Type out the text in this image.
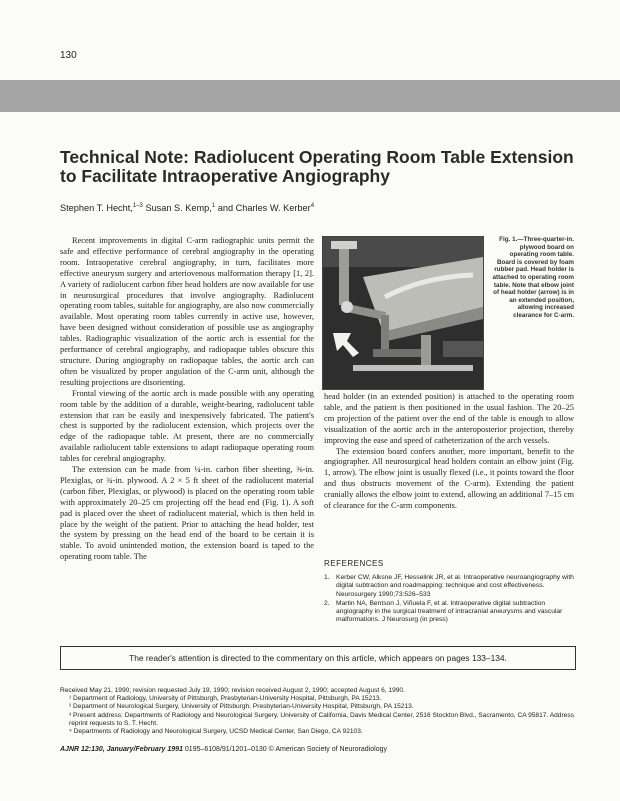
130
Technical Note: Radiolucent Operating Room Table Extension to Facilitate Intraoperative Angiography
Stephen T. Hecht,$^{1-3}$ Susan S. Kemp,$^1$ and Charles W. Kerber$^4$

Recent improvements in digital C-arm radiographic units permit the safe and effective performance of cerebral angiography in the operating room. Intraoperative cerebral angiography, in turn, facilitates more effective aneurysm surgery and arteriovenous malformation therapy [1, 2]. A variety of radiolucent carbon fiber head holders are now available for use in neurosurgical procedures that involve angiography. Radiolucent operating room tables, suitable for angiography, are also now commercially available. Most operating room tables currently in active use, however, have been designed without consideration of possible use as angiography tables. Radiographic visualization of the aortic arch is essential for the performance of cerebral angiography, and radiopaque tables obscure this structure. During angiography on radiopaque tables, the aortic arch can often be visualized by proper angulation of the C-arm unit, although the resulting projections are disorienting.

Frontal viewing of the aortic arch is made possible with any operating room table by the addition of a durable, weight-bearing, radiolucent table extension that can be easily and inexpensively fabricated. The patient's chest is supported by the radiolucent extension, which projects over the edge of the radiopaque table. At present, there are no commercially available radiolucent table extensions to adapt radiopaque operating room tables for cerebral angiography.

The extension can be made from ¼-in. carbon fiber sheeting, ⅜-in. Plexiglas, or ¾-in. plywood. A 2 × 5 ft sheet of the radiolucent material (carbon fiber, Plexiglas, or plywood) is placed on the operating room table with approximately 20–25 cm projecting off the head end (Fig. 1). A soft pad is placed over the sheet of radiolucent material, which is then held in place by the weight of the patient. Prior to attaching the head holder, test the system by pressing on the head end of the board to be certain it is stable. To avoid unintended motion, the extension board is taped to the operating room table. The

Fig. 1.—Three-quarter-in. plywood board on operating room table. Board is covered by foam rubber pad. Head holder is attached to operating room table. Note that elbow joint of head holder (arrow) is in an extended position, allowing increased clearance for C-arm.

head holder (in an extended position) is attached to the operating room table, and the patient is then positioned in the usual fashion. The 20–25 cm projection of the patient over the end of the table is enough to allow visualization of the aortic arch in the anteroposterior projection, thereby improving the ease and speed of catheterization of the arch vessels.

The extension board confers another, more important, benefit to the angiographer. All neurosurgical head holders contain an elbow joint (Fig. 1, arrow). The elbow joint is usually flexed (i.e., it points toward the floor and thus obstructs movement of the C-arm). Extending the patient cranially allows the elbow joint to extend, allowing an additional 7–15 cm of clearance for the C-arm components.

REFERENCES
1. Kerber CW, Alksne JF, Hesselink JR, et al. Intraoperative neuroangiography with digital subtraction and roadmapping: technique and cost effectiveness. Neurosurgery 1990;73:526–533
2. Martin NA, Bentson J, Viñuela F, et al. Intraoperative digital subtraction angiography in the surgical treatment of intracranial aneurysms and vascular malformations. J Neurosurg (in press)
The reader's attention is directed to the commentary on this article, which appears on pages 133–134.

Received May 21, 1990; revision requested July 19, 1990; revision received August 2, 1990; accepted August 6, 1990.

¹ Department of Radiology, University of Pittsburgh, Presbyterian-University Hospital, Pittsburgh, PA 15213.

² Department of Neurological Surgery, University of Pittsburgh, Presbyterian-University Hospital, Pittsburgh, PA 15213.

³ Present address: Departments of Radiology and Neurological Surgery, University of California, Davis Medical Center, 2516 Stockton Blvd., Sacramento, CA 95817. Address reprint requests to S. T. Hecht.

⁴ Departments of Radiology and Neurological Surgery, UCSD Medical Center, San Diego, CA 92103.

AJNR 12:130, January/February 1991 0195–6108/91/1201–0130 © American Society of Neuroradiology
